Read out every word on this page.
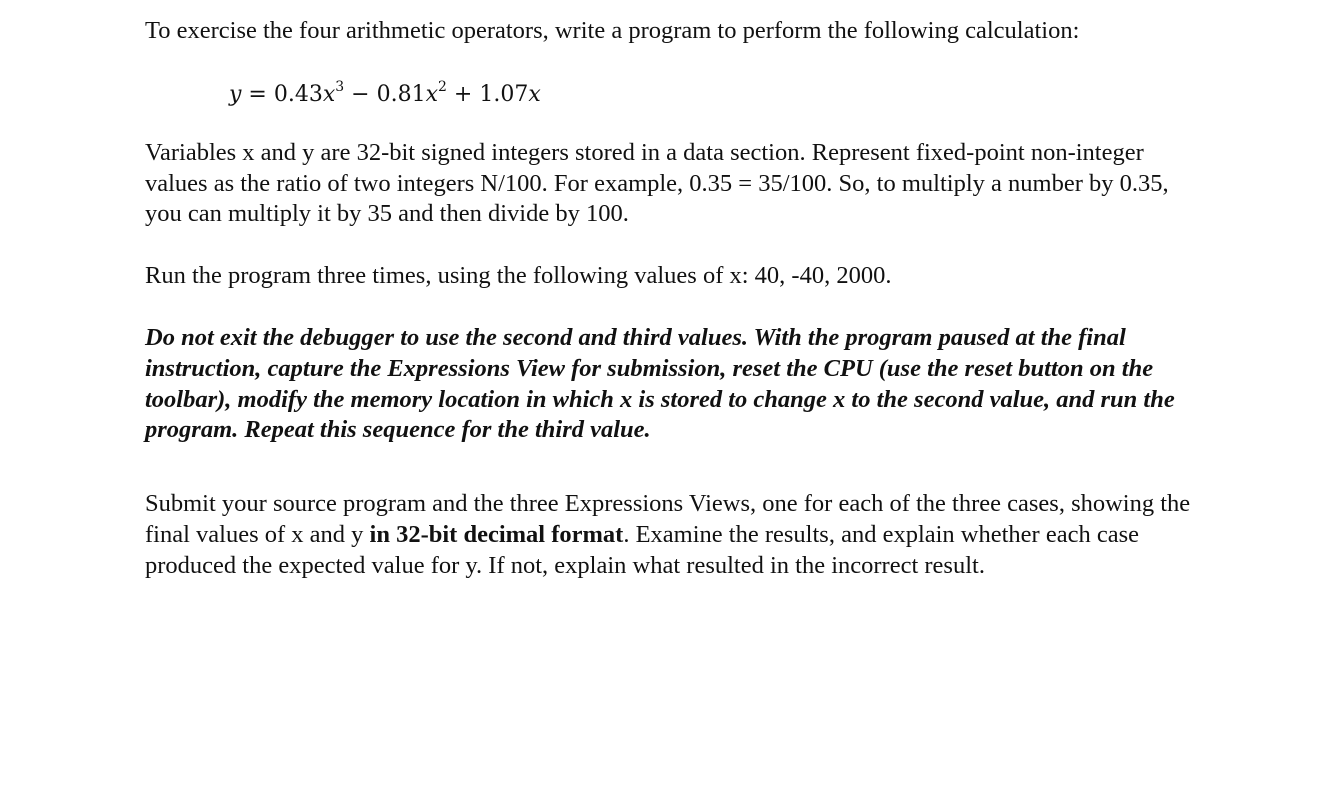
To exercise the four arithmetic operators, write a program to perform the following calculation:

$y = 0.43x^3 - 0.81x^2 + 1.07x$

Variables x and y are 32-bit signed integers stored in a data section. Represent fixed-point non-integer values as the ratio of two integers N/100. For example, 0.35 = 35/100. So, to multiply a number by 0.35, you can multiply it by 35 and then divide by 100.

Run the program three times, using the following values of x: 40, -40, 2000.

Do not exit the debugger to use the second and third values. With the program paused at the final instruction, capture the Expressions View for submission, reset the CPU (use the reset button on the toolbar), modify the memory location in which x is stored to change x to the second value, and run the program. Repeat this sequence for the third value.

Submit your source program and the three Expressions Views, one for each of the three cases, showing the final values of x and y in 32-bit decimal format. Examine the results, and explain whether each case produced the expected value for y. If not, explain what resulted in the incorrect result.
